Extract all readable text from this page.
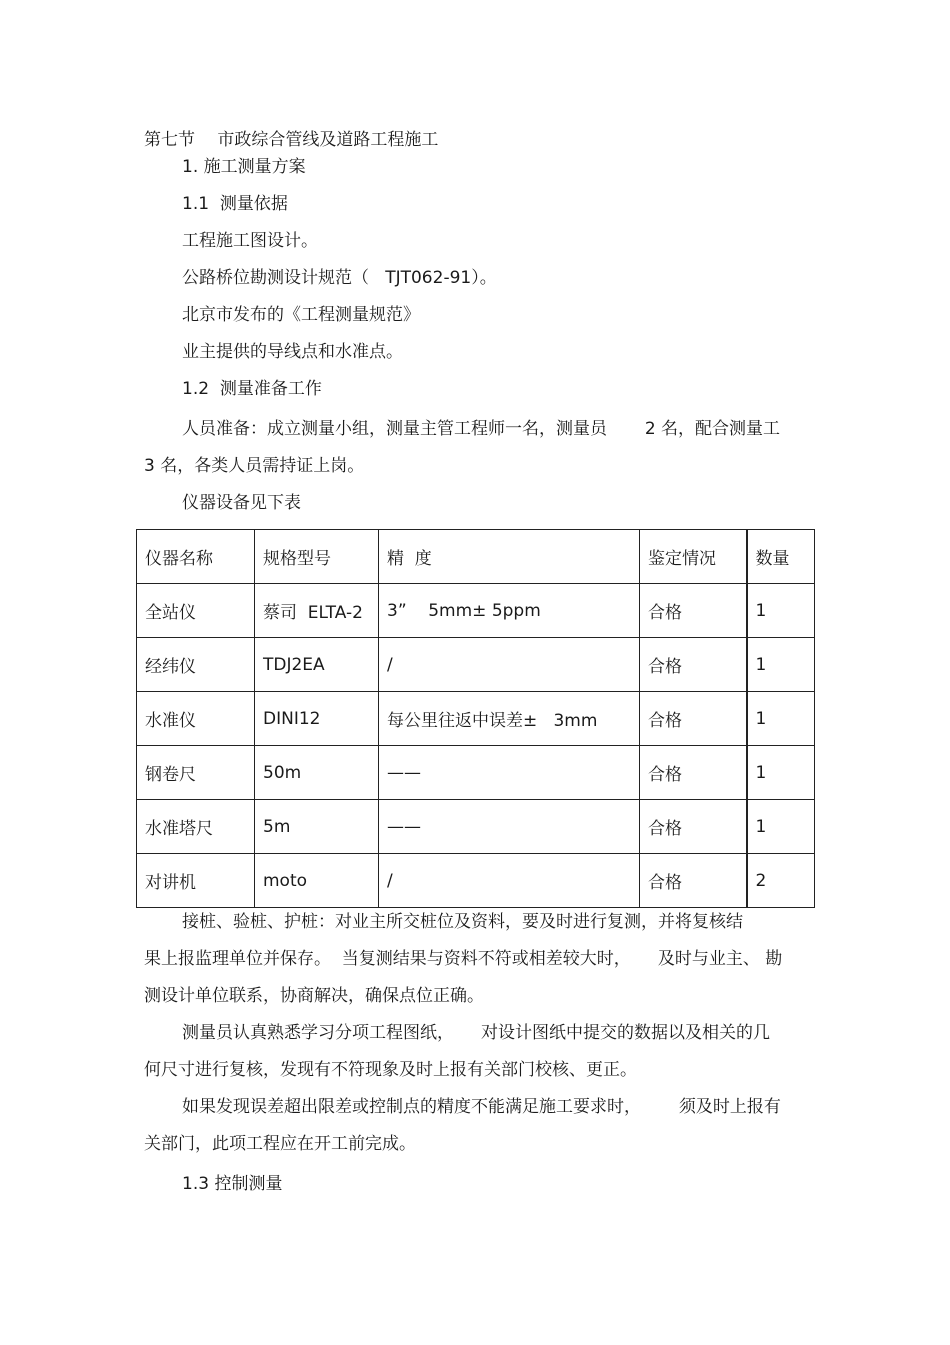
第七节　 市政综合管线及道路工程施工
1. 施工测量方案
1.1  测量依据
工程施工图设计。
公路桥位勘测设计规范（   TJT062-91）。
北京市发布的《工程测量规范》
业主提供的导线点和水准点。
1.2  测量准备工作
人员准备：成立测量小组，测量主管工程师一名，测量员       2 名，配合测量工
3 名，各类人员需持证上岗。
仪器设备见下表
仪器名称	规格型号	精  度	鉴定情况	数量
全站仪	蔡司  ELTA-2	3”    5mm± 5ppm	合格	1
经纬仪	TDJ2EA	/	合格	1
水准仪	DINI12	每公里往返中误差±   3mm	合格	1
钢卷尺	50m	——	合格	1
水准塔尺	5m	——	合格	1
对讲机	moto	/	合格	2
接桩、验桩、护桩：对业主所交桩位及资料，要及时进行复测，并将复核结
果上报监理单位并保存。  当复测结果与资料不符或相差较大时，     及时与业主、 勘
测设计单位联系，协商解决，确保点位正确。
测量员认真熟悉学习分项工程图纸，     对设计图纸中提交的数据以及相关的几
何尺寸进行复核，发现有不符现象及时上报有关部门校核、更正。
如果发现误差超出限差或控制点的精度不能满足施工要求时，       须及时上报有
关部门，此项工程应在开工前完成。
1.3 控制测量
